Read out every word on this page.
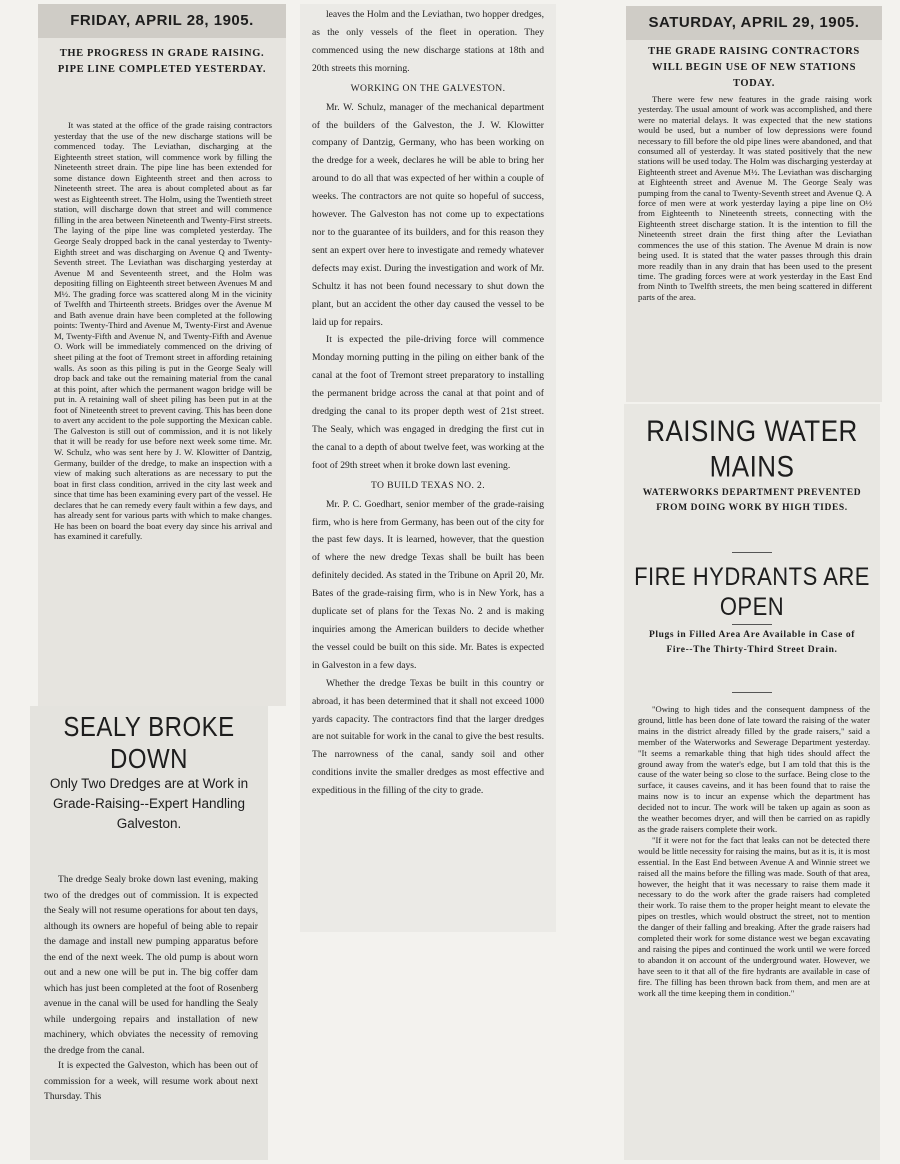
FRIDAY, APRIL 28, 1905.
THE PROGRESS IN GRADE RAISING. PIPE LINE COMPLETED YESTERDAY.
It was stated at the office of the grade raising contractors yesterday that the use of the new discharge stations will be commenced today. The Leviathan, discharging at the Eighteenth street station, will commence work by filling the Nineteenth street drain. The pipe line has been extended for some distance down Eighteenth street and then across to Nineteenth street. The area is about completed about as far west as Eighteenth street. The Holm, using the Twentieth street station, will discharge down that street and will commence filling in the area between Nineteenth and Twenty-First streets. The laying of the pipe line was completed yesterday. The George Sealy dropped back in the canal yesterday to Twenty-Eighth street and was discharging on Avenue Q and Twenty-Seventh street. The Leviathan was discharging yesterday at Avenue M and Seventeenth street, and the Holm was depositing filling on Eighteenth street between Avenues M and M½. The grading force was scattered along M in the vicinity of Twelfth and Thirteenth streets. Bridges over the Avenue M and Bath avenue drain have been completed at the following points: Twenty-Third and Avenue M, Twenty-First and Avenue M, Twenty-Fifth and Avenue N, and Twenty-Fifth and Avenue O. Work will be immediately commenced on the driving of sheet piling at the foot of Tremont street in affording retaining walls. As soon as this piling is put in the George Sealy will drop back and take out the remaining material from the canal at this point, after which the permanent wagon bridge will be put in. A retaining wall of sheet piling has been put in at the foot of Nineteenth street to prevent caving. This has been done to avert any accident to the pole supporting the Mexican cable. The Galveston is still out of commission, and it is not likely that it will be ready for use before next week some time. Mr. W. Schulz, who was sent here by J. W. Klowitter of Dantzig, Germany, builder of the dredge, to make an inspection with a view of making such alterations as are necessary to put the boat in first class condition, arrived in the city last week and since that time has been examining every part of the vessel. He declares that he can remedy every fault within a few days, and has already sent for various parts with which to make changes. He has been on board the boat every day since his arrival and has examined it carefully.
SEALY BROKE DOWN
Only Two Dredges are at Work in Grade-Raising--Expert Handling Galveston.

The dredge Sealy broke down last evening, making two of the dredges out of commission. It is expected the Sealy will not resume operations for about ten days, although its owners are hopeful of being able to repair the damage and install new pumping apparatus before the end of the next week. The old pump is about worn out and a new one will be put in. The big coffer dam which has just been completed at the foot of Rosenberg avenue in the canal will be used for handling the Sealy while undergoing repairs and installation of new machinery, which obviates the necessity of removing the dredge from the canal.

It is expected the Galveston, which has been out of commission for a week, will resume work about next Thursday. This

leaves the Holm and the Leviathan, two hopper dredges, as the only vessels of the fleet in operation. They commenced using the new discharge stations at 18th and 20th streets this morning.

WORKING ON THE GALVESTON.

Mr. W. Schulz, manager of the mechanical department of the builders of the Galveston, the J. W. Klowitter company of Dantzig, Germany, who has been working on the dredge for a week, declares he will be able to bring her around to do all that was expected of her within a couple of weeks. The contractors are not quite so hopeful of success, however. The Galveston has not come up to expectations nor to the guarantee of its builders, and for this reason they sent an expert over here to investigate and remedy whatever defects may exist. During the investigation and work of Mr. Schultz it has not been found necessary to shut down the plant, but an accident the other day caused the vessel to be laid up for repairs.

It is expected the pile-driving force will commence Monday morning putting in the piling on either bank of the canal at the foot of Tremont street preparatory to installing the permanent bridge across the canal at that point and of dredging the canal to its proper depth west of 21st street. The Sealy, which was engaged in dredging the first cut in the canal to a depth of about twelve feet, was working at the foot of 29th street when it broke down last evening.

TO BUILD TEXAS NO. 2.

Mr. P. C. Goedhart, senior member of the grade-raising firm, who is here from Germany, has been out of the city for the past few days. It is learned, however, that the question of where the new dredge Texas shall be built has been definitely decided. As stated in the Tribune on April 20, Mr. Bates of the grade-raising firm, who is in New York, has a duplicate set of plans for the Texas No. 2 and is making inquiries among the American builders to decide whether the vessel could be built on this side. Mr. Bates is expected in Galveston in a few days.

Whether the dredge Texas be built in this country or abroad, it has been determined that it shall not exceed 1000 yards capacity. The contractors find that the larger dredges are not suitable for work in the canal to give the best results. The narrowness of the canal, sandy soil and other conditions invite the smaller dredges as most effective and expeditious in the filling of the city to grade.

SATURDAY, APRIL 29, 1905.
THE GRADE RAISING CONTRACTORS WILL BEGIN USE OF NEW STATIONS TODAY.
There were few new features in the grade raising work yesterday. The usual amount of work was accomplished, and there were no material delays. It was expected that the new stations would be used, but a number of low depressions were found necessary to fill before the old pipe lines were abandoned, and that consumed all of yesterday. It was stated positively that the new stations will be used today. The Holm was discharging yesterday at Eighteenth street and Avenue M½. The Leviathan was discharging at Eighteenth street and Avenue M. The George Sealy was pumping from the canal to Twenty-Seventh street and Avenue Q. A force of men were at work yesterday laying a pipe line on O½ from Eighteenth to Nineteenth streets, connecting with the Eighteenth street discharge station. It is the intention to fill the Nineteenth street drain the first thing after the Leviathan commences the use of this station. The Avenue M drain is now being used. It is stated that the water passes through this drain more readily than in any drain that has been used to the present time. The grading forces were at work yesterday in the East End from Ninth to Twelfth streets, the men being scattered in different parts of the area.
RAISING WATER MAINS
WATERWORKS DEPARTMENT PREVENTED FROM DOING WORK BY HIGH TIDES.
FIRE HYDRANTS ARE OPEN
Plugs in Filled Area Are Available in Case of Fire--The Thirty-Third Street Drain.

"Owing to high tides and the consequent dampness of the ground, little has been done of late toward the raising of the water mains in the district already filled by the grade raisers," said a member of the Waterworks and Sewerage Department yesterday. "It seems a remarkable thing that high tides should affect the ground away from the water's edge, but I am told that this is the cause of the water being so close to the surface. Being close to the surface, it causes caveins, and it has been found that to raise the mains now is to incur an expense which the department has decided not to incur. The work will be taken up again as soon as the weather becomes dryer, and will then be carried on as rapidly as the grade raisers complete their work.

"If it were not for the fact that leaks can not be detected there would be little necessity for raising the mains, but as it is, it is most essential. In the East End between Avenue A and Winnie street we raised all the mains before the filling was made. South of that area, however, the height that it was necessary to raise them made it necessary to do the work after the grade raisers had completed their work. To raise them to the proper height meant to elevate the pipes on trestles, which would obstruct the street, not to mention the danger of their falling and breaking. After the grade raisers had completed their work for some distance west we began excavating and raising the pipes and continued the work until we were forced to abandon it on account of the underground water. However, we have seen to it that all of the fire hydrants are available in case of fire. The filling has been thrown back from them, and men are at work all the time keeping them in condition."
